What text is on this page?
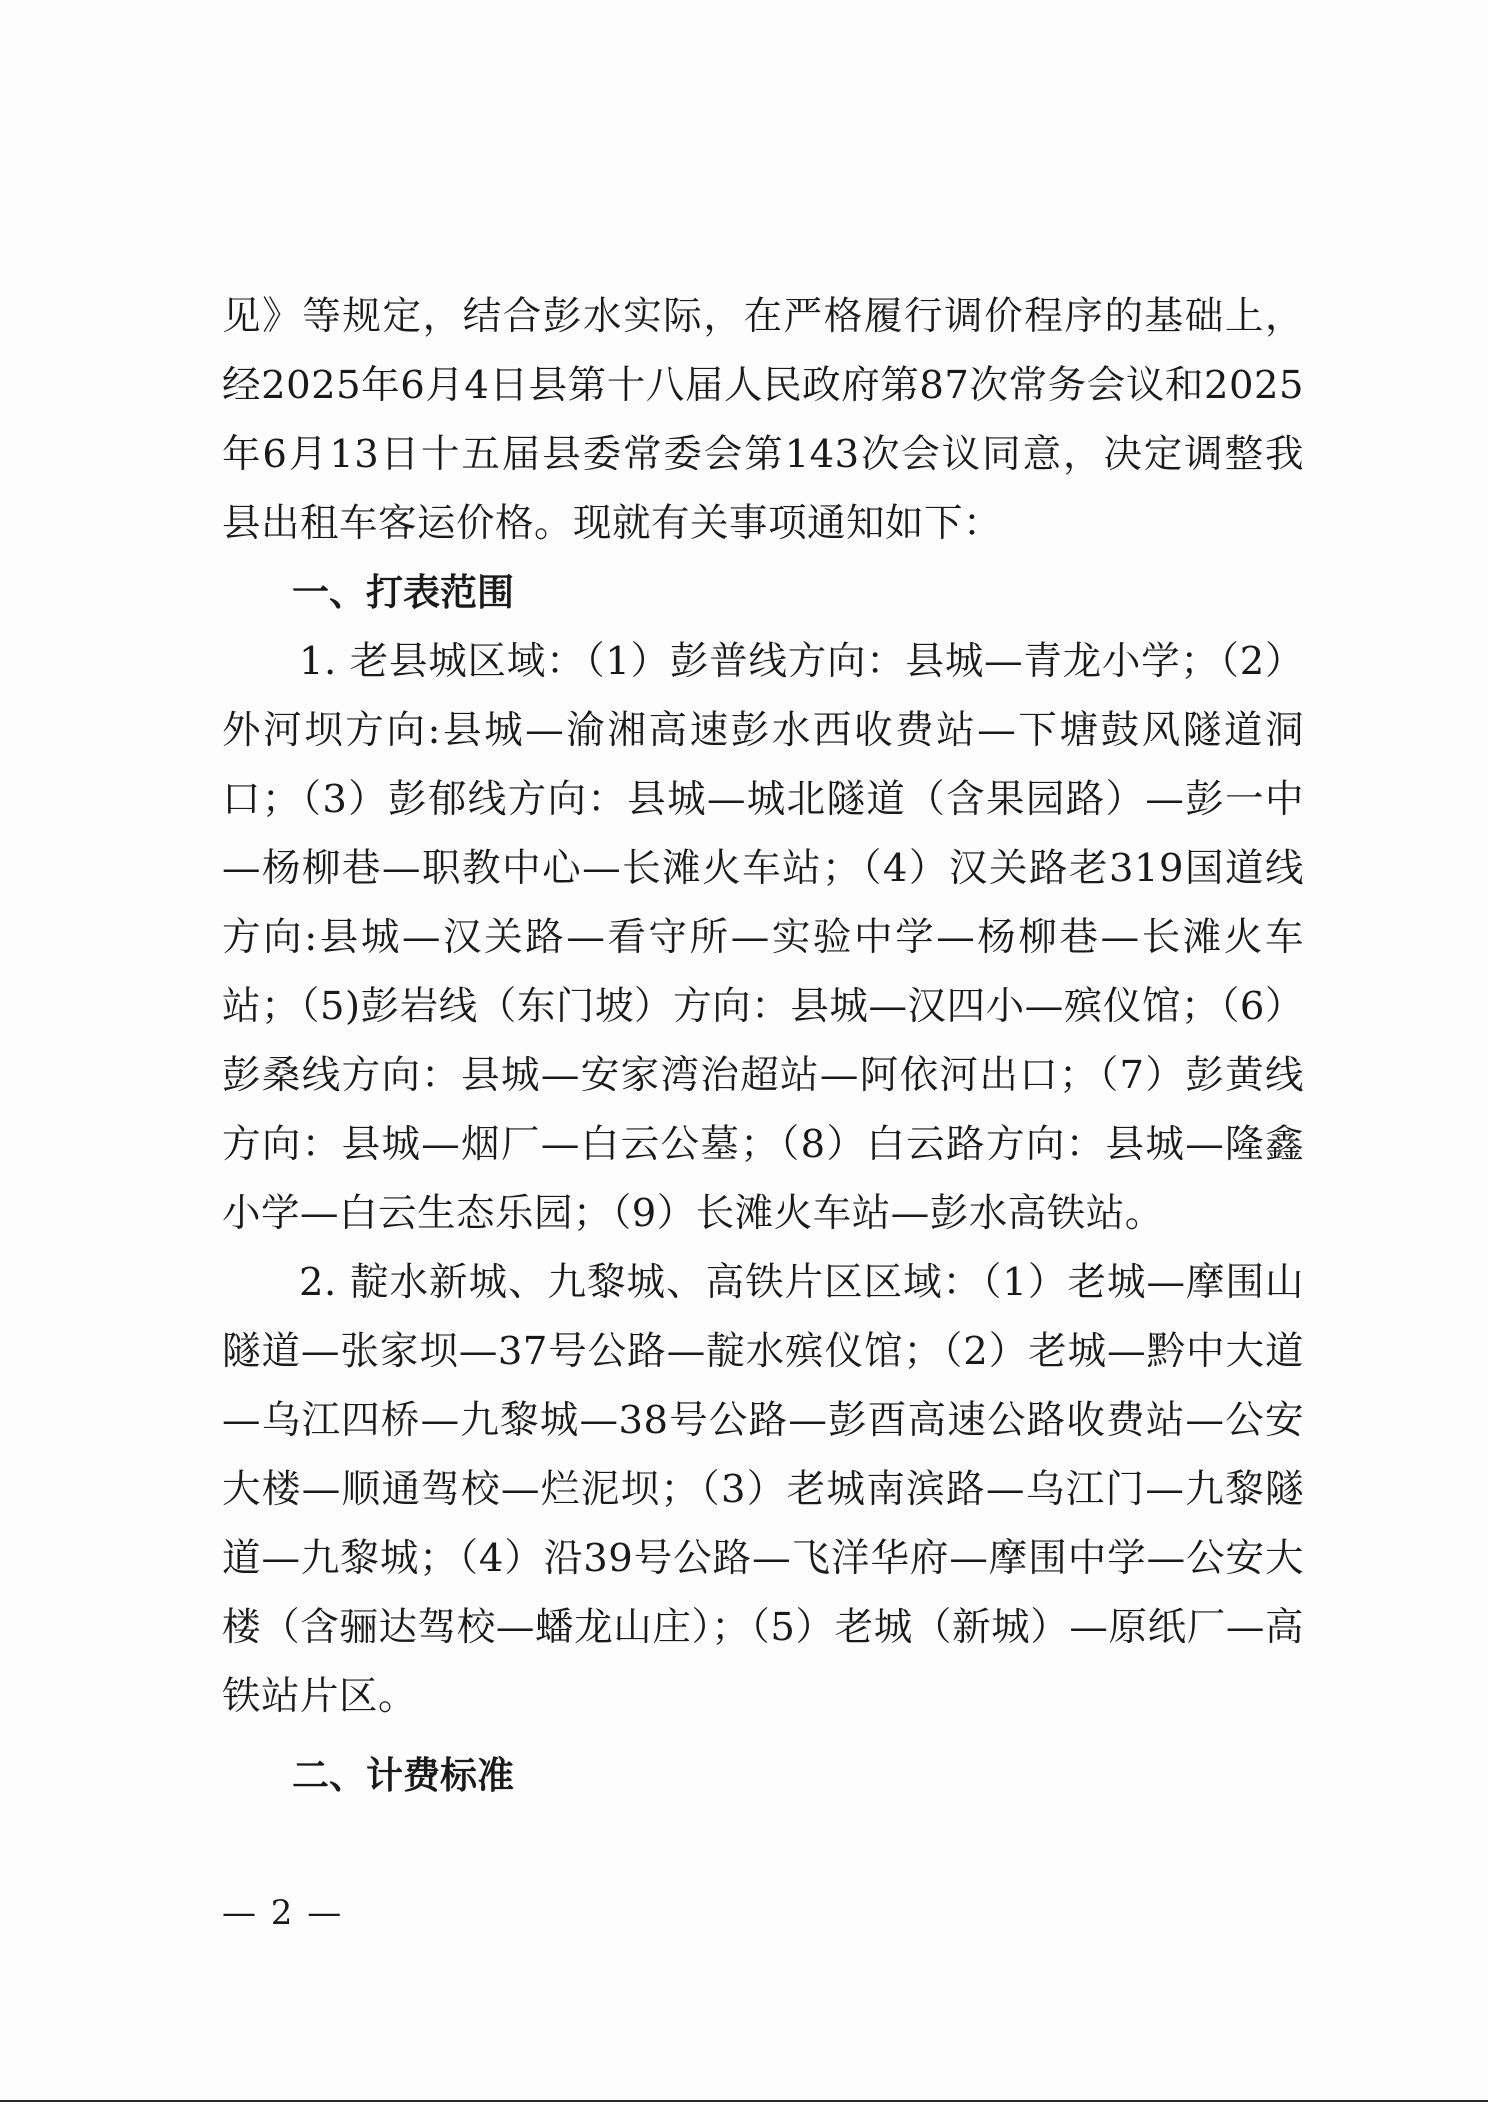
见》等规定，结合彭水实际，在严格履行调价程序的基础上，经2025年6月4日县第十八届人民政府第87次常务会议和2025年6月13日十五届县委常委会第143次会议同意，决定调整我县出租车客运价格。现就有关事项通知如下：

一、打表范围

1. 老县城区域：（1）彭普线方向：县城—青龙小学；（2）外河坝方向:县城—渝湘高速彭水西收费站—下塘鼓风隧道洞口；（3）彭郁线方向：县城—城北隧道（含果园路）—彭一中—杨柳巷—职教中心—长滩火车站；（4）汉关路老319国道线方向:县城—汉关路—看守所—实验中学—杨柳巷—长滩火车站；（5)彭岩线（东门坡）方向：县城—汉四小—殡仪馆；（6）彭桑线方向：县城—安家湾治超站—阿依河出口；（7）彭黄线方向：县城—烟厂—白云公墓；（8）白云路方向：县城—隆鑫小学—白云生态乐园；（9）长滩火车站—彭水高铁站。

2. 靛水新城、九黎城、高铁片区区域：（1）老城—摩围山隧道—张家坝—37号公路—靛水殡仪馆；（2）老城—黔中大道—乌江四桥—九黎城—38号公路—彭酉高速公路收费站—公安大楼—顺通驾校—烂泥坝；（3）老城南滨路—乌江门—九黎隧道—九黎城；（4）沿39号公路—飞洋华府—摩围中学—公安大楼（含骊达驾校—蟠龙山庄）；（5）老城（新城）—原纸厂—高铁站片区。

二、计费标准

— 2 —
